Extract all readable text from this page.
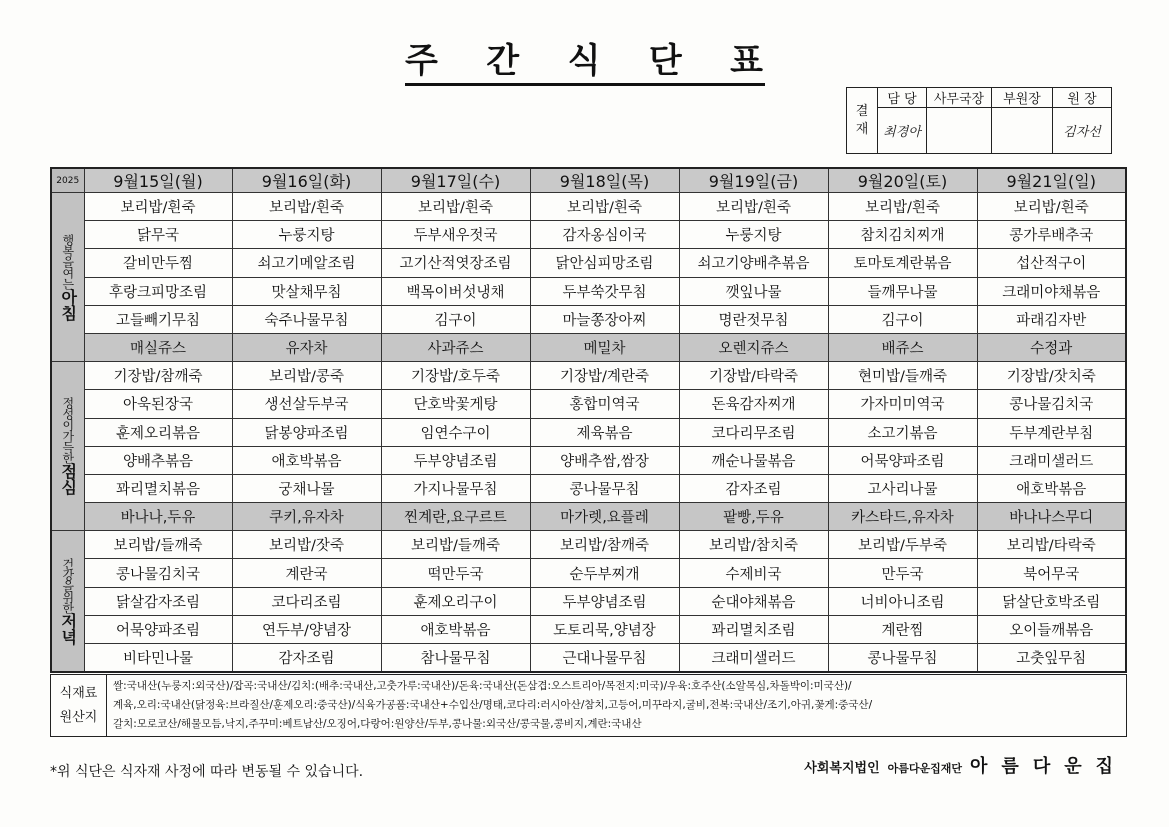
주 간 식 단 표
결
재	담 당	사무국장	부원장	원 장
	최경아			김자선
2025	9월15일(월)	9월16일(화)	9월17일(수)	9월18일(목)	9월19일(금)	9월20일(토)	9월21일(일)
행복을여는아침	보리밥/흰죽	보리밥/흰죽	보리밥/흰죽	보리밥/흰죽	보리밥/흰죽	보리밥/흰죽	보리밥/흰죽
	닭무국	누룽지탕	두부새우젓국	감자옹심이국	누룽지탕	참치김치찌개	콩가루배추국
	갈비만두찜	쇠고기메알조림	고기산적엿장조림	닭안심피망조림	쇠고기양배추볶음	토마토계란볶음	섭산적구이
	후랑크피망조림	맛살채무침	백목이버섯냉채	두부쑥갓무침	깻잎나물	들깨무나물	크래미야채볶음
	고들빼기무침	숙주나물무침	김구이	마늘쫑장아찌	명란젓무침	김구이	파래김자반
	매실쥬스	유자차	사과쥬스	메밀차	오렌지쥬스	배쥬스	수정과
정성이가득한점심	기장밥/참깨죽	보리밥/콩죽	기장밥/호두죽	기장밥/계란죽	기장밥/타락죽	현미밥/들깨죽	기장밥/잣치죽
	아욱된장국	생선살두부국	단호박꽃게탕	홍합미역국	돈육감자찌개	가자미미역국	콩나물김치국
	훈제오리볶음	닭봉양파조림	임연수구이	제육볶음	코다리무조림	소고기볶음	두부계란부침
	양배추볶음	애호박볶음	두부양념조림	양배추쌈,쌈장	깨순나물볶음	어묵양파조림	크래미샐러드
	꽈리멸치볶음	궁채나물	가지나물무침	콩나물무침	감자조림	고사리나물	애호박볶음
	바나나,두유	쿠키,유자차	찐계란,요구르트	마가렛,요플레	팥빵,두유	카스타드,유자차	바나나스무디
건강을위한저녁	보리밥/들깨죽	보리밥/잣죽	보리밥/들깨죽	보리밥/참깨죽	보리밥/참치죽	보리밥/두부죽	보리밥/타락죽
	콩나물김치국	계란국	떡만두국	순두부찌개	수제비국	만두국	북어무국
	닭살감자조림	코다리조림	훈제오리구이	두부양념조림	순대야채볶음	너비아니조림	닭살단호박조림
	어묵양파조림	연두부/양념장	애호박볶음	도토리묵,양념장	꽈리멸치조림	계란찜	오이들깨볶음
	비타민나물	감자조림	참나물무침	근대나물무침	크래미샐러드	콩나물무침	고춧잎무침
식재료
원산지
쌀:국내산(누룽지:외국산)/잡곡:국내산/김치:(배추:국내산,고춧가루:국내산)/돈육:국내산(돈삼겹:오스트리아/목전지:미국)/우육:호주산(소알목심,차돌박이:미국산)/
계육,오리:국내산(닭정육:브라질산/훈제오리:중국산)/식육가공품:국내산+수입산/명태,코다리:러시아산/참치,고등어,미꾸라지,굴비,전복:국내산/조기,아귀,꽃게:중국산/
갈치:모로코산/해물모듬,낙지,주꾸미:베트남산/오징어,다랑어:원양산/두부,콩나물:외국산/콩국물,콩비지,계란:국내산
*위 식단은 식자재 사정에 따라 변동될 수 있습니다.	사회복지법인 아름다운집재단 아름다운집
